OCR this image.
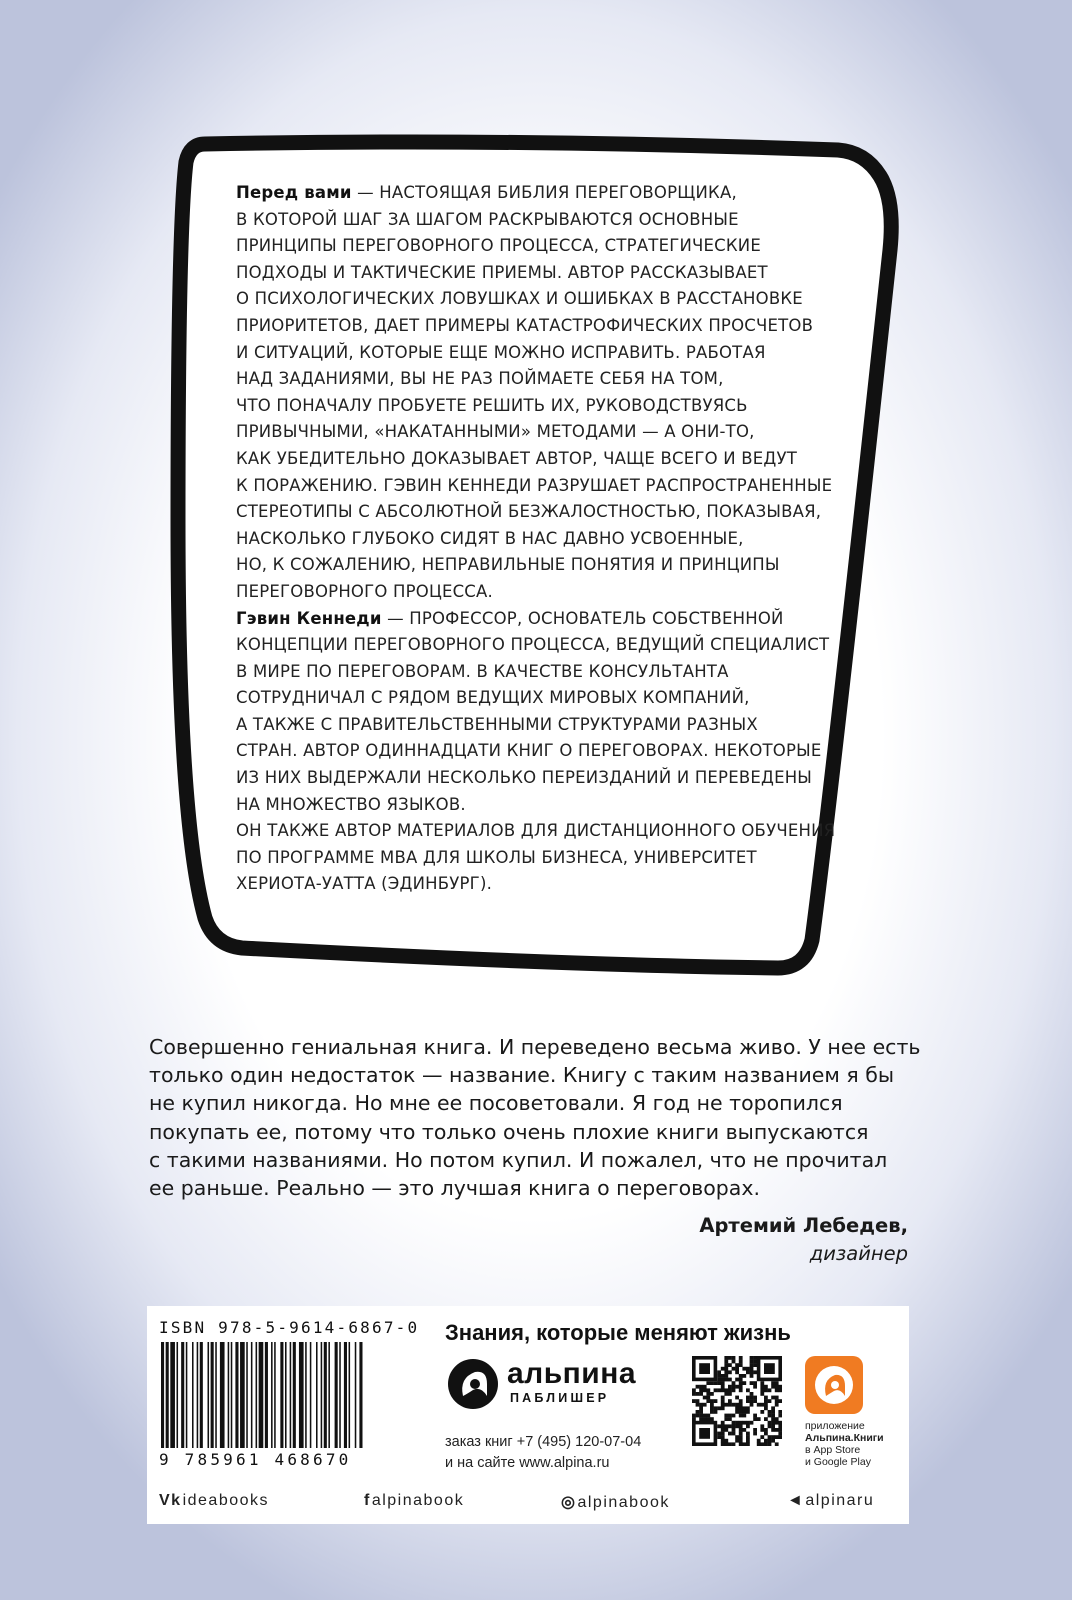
Перед вами — НАСТОЯЩАЯ БИБЛИЯ ПЕРЕГОВОРЩИКА,
В КОТОРОЙ ШАГ ЗА ШАГОМ РАСКРЫВАЮТСЯ ОСНОВНЫЕ
ПРИНЦИПЫ ПЕРЕГОВОРНОГО ПРОЦЕССА, СТРАТЕГИЧЕСКИЕ
ПОДХОДЫ И ТАКТИЧЕСКИЕ ПРИЕМЫ. АВТОР РАССКАЗЫВАЕТ
О ПСИХОЛОГИЧЕСКИХ ЛОВУШКАХ И ОШИБКАХ В РАССТАНОВКЕ
ПРИОРИТЕТОВ, ДАЕТ ПРИМЕРЫ КАТАСТРОФИЧЕСКИХ ПРОСЧЕТОВ
И СИТУАЦИЙ, КОТОРЫЕ ЕЩЕ МОЖНО ИСПРАВИТЬ. РАБОТАЯ
НАД ЗАДАНИЯМИ, ВЫ НЕ РАЗ ПОЙМАЕТЕ СЕБЯ НА ТОМ,
ЧТО ПОНАЧАЛУ ПРОБУЕТЕ РЕШИТЬ ИХ, РУКОВОДСТВУЯСЬ
ПРИВЫЧНЫМИ, «НАКАТАННЫМИ» МЕТОДАМИ — А ОНИ-ТО,
КАК УБЕДИТЕЛЬНО ДОКАЗЫВАЕТ АВТОР, ЧАЩЕ ВСЕГО И ВЕДУТ
К ПОРАЖЕНИЮ. ГЭВИН КЕННЕДИ РАЗРУШАЕТ РАСПРОСТРАНЕННЫЕ
СТЕРЕОТИПЫ С АБСОЛЮТНОЙ БЕЗЖАЛОСТНОСТЬЮ, ПОКАЗЫВАЯ,
НАСКОЛЬКО ГЛУБОКО СИДЯТ В НАС ДАВНО УСВОЕННЫЕ,
НО, К СОЖАЛЕНИЮ, НЕПРАВИЛЬНЫЕ ПОНЯТИЯ И ПРИНЦИПЫ
ПЕРЕГОВОРНОГО ПРОЦЕССА.

Гэвин Кеннеди — ПРОФЕССОР, ОСНОВАТЕЛЬ СОБСТВЕННОЙ
КОНЦЕПЦИИ ПЕРЕГОВОРНОГО ПРОЦЕССА, ВЕДУЩИЙ СПЕЦИАЛИСТ
В МИРЕ ПО ПЕРЕГОВОРАМ. В КАЧЕСТВЕ КОНСУЛЬТАНТА
СОТРУДНИЧАЛ С РЯДОМ ВЕДУЩИХ МИРОВЫХ КОМПАНИЙ,
А ТАКЖЕ С ПРАВИТЕЛЬСТВЕННЫМИ СТРУКТУРАМИ РАЗНЫХ
СТРАН. АВТОР ОДИННАДЦАТИ КНИГ О ПЕРЕГОВОРАХ. НЕКОТОРЫЕ
ИЗ НИХ ВЫДЕРЖАЛИ НЕСКОЛЬКО ПЕРЕИЗДАНИЙ И ПЕРЕВЕДЕНЫ
НА МНОЖЕСТВО ЯЗЫКОВ.

ОН ТАКЖЕ АВТОР МАТЕРИАЛОВ ДЛЯ ДИСТАНЦИОННОГО ОБУЧЕНИЯ
ПО ПРОГРАММЕ MBA ДЛЯ ШКОЛЫ БИЗНЕСА, УНИВЕРСИТЕТ
ХЕРИОТА-УАТТА (ЭДИНБУРГ).

Совершенно гениальная книга. И переведено весьма живо. У нее есть
только один недостаток — название. Книгу с таким названием я бы
не купил никогда. Но мне ее посоветовали. Я год не торопился
покупать ее, потому что только очень плохие книги выпускаются
с такими названиями. Но потом купил. И пожалел, что не прочитал
ее раньше. Реально — это лучшая книга о переговорах.
Артемий Лебедев,
дизайнер
ISBN 978-5-9614-6867-0
9 785961 468670
Знания, которые меняют жизнь
альпина
ПАБЛИШЕР
заказ книг +7 (495) 120-07-04
и на сайте www.alpina.ru
приложение
Альпина.Книги
в App Store
и Google Play
Vkideabooks	falpinabook	◎alpinabook	◄alpinaru
